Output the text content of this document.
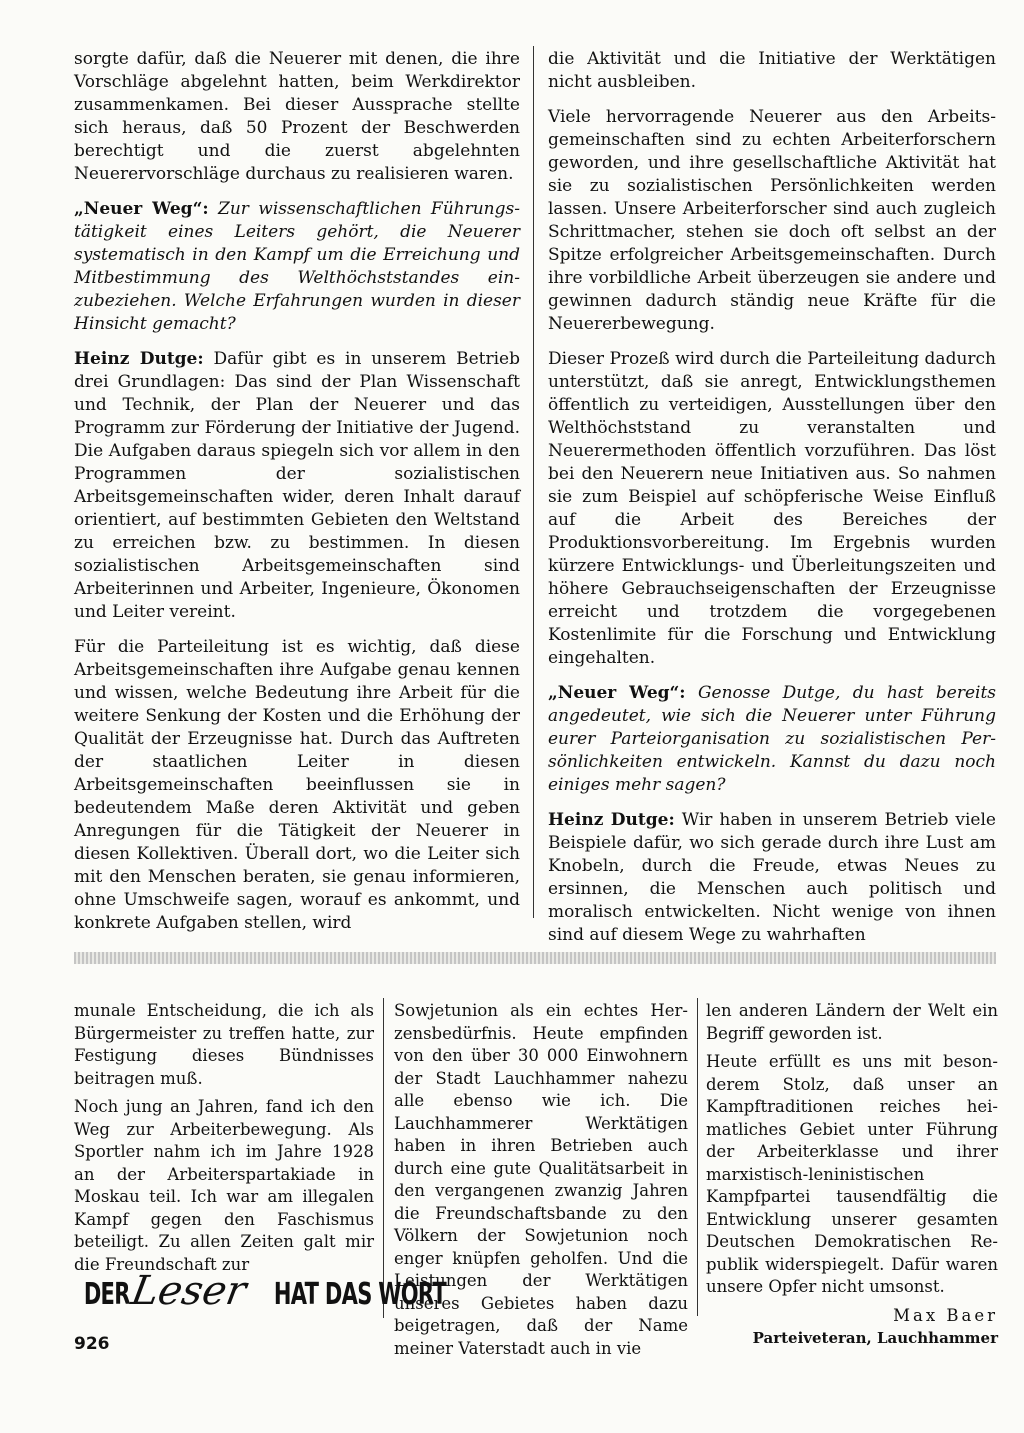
sorgte dafür, daß die Neuerer mit denen, die ihre Vorschläge abgelehnt hatten, beim Werkdirektor zusammenkamen. Bei dieser Aussprache stellte sich heraus, daß 50 Prozent der Beschwerden berechtigt und die zuerst abgelehnten Neuerervorschläge durchaus zu realisieren waren.

„Neuer Weg“: Zur wissenschaftlichen Führungstätigkeit eines Leiters gehört, die Neuerer systematisch in den Kampf um die Erreichung und Mitbestimmung des Welthöchststandes einzubeziehen. Welche Erfahrungen wurden in dieser Hinsicht gemacht?

Heinz Dutge: Dafür gibt es in unserem Betrieb drei Grundlagen: Das sind der Plan Wissenschaft und Technik, der Plan der Neuerer und das Programm zur Förderung der Initiative der Jugend. Die Aufgaben daraus spiegeln sich vor allem in den Programmen der sozialistischen Arbeitsgemeinschaften wider, deren Inhalt darauf orientiert, auf bestimmten Gebieten den Weltstand zu erreichen bzw. zu bestimmen. In diesen sozialistischen Arbeitsgemeinschaften sind Arbeiterinnen und Arbeiter, Ingenieure, Ökonomen und Leiter vereint.

Für die Parteileitung ist es wichtig, daß diese Arbeitsgemeinschaften ihre Aufgabe genau kennen und wissen, welche Bedeutung ihre Arbeit für die weitere Senkung der Kosten und die Erhöhung der Qualität der Erzeugnisse hat. Durch das Auftreten der staatlichen Leiter in diesen Arbeitsgemeinschaften beeinflussen sie in bedeutendem Maße deren Aktivität und geben Anregungen für die Tätigkeit der Neuerer in diesen Kollektiven. Überall dort, wo die Leiter sich mit den Menschen beraten, sie genau informieren, ohne Umschweife sagen, worauf es ankommt, und konkrete Aufgaben stellen, wird

die Aktivität und die Initiative der Werktätigen nicht ausbleiben.

Viele hervorragende Neuerer aus den Arbeitsgemeinschaften sind zu echten Arbeiterforschern geworden, und ihre gesellschaftliche Aktivität hat sie zu sozialistischen Persönlichkeiten werden lassen. Unsere Arbeiterforscher sind auch zugleich Schrittmacher, stehen sie doch oft selbst an der Spitze erfolgreicher Arbeitsgemeinschaften. Durch ihre vorbildliche Arbeit überzeugen sie andere und gewinnen dadurch ständig neue Kräfte für die Neuererbewegung.

Dieser Prozeß wird durch die Parteileitung dadurch unterstützt, daß sie anregt, Entwicklungsthemen öffentlich zu verteidigen, Ausstellungen über den Welthöchststand zu veranstalten und Neuerermethoden öffentlich vorzuführen. Das löst bei den Neuerern neue Initiativen aus. So nahmen sie zum Beispiel auf schöpferische Weise Einfluß auf die Arbeit des Bereiches der Produktionsvorbereitung. Im Ergebnis wurden kürzere Entwicklungs- und Überleitungszeiten und höhere Gebrauchseigenschaften der Erzeugnisse erreicht und trotzdem die vorgegebenen Kostenlimite für die Forschung und Entwicklung eingehalten.

„Neuer Weg“: Genosse Dutge, du hast bereits angedeutet, wie sich die Neuerer unter Führung eurer Parteiorganisation zu sozialistischen Persönlichkeiten entwickeln. Kannst du dazu noch einiges mehr sagen?

Heinz Dutge: Wir haben in unserem Betrieb viele Beispiele dafür, wo sich gerade durch ihre Lust am Knobeln, durch die Freude, etwas Neues zu ersinnen, die Menschen auch politisch und moralisch entwickelten. Nicht wenige von ihnen sind auf diesem Wege zu wahrhaften

munale Entscheidung, die ich als Bürgermeister zu treffen hatte, zur Festigung dieses Bündnisses beitragen muß.

Noch jung an Jahren, fand ich den Weg zur Arbeiterbewegung. Als Sportler nahm ich im Jahre 1928 an der Arbeiterspartakiade in Moskau teil. Ich war am illegalen Kampf gegen den Faschismus beteiligt. Zu allen Zeiten galt mir die Freundschaft zur

Sowjetunion als ein echtes Herzensbedürfnis. Heute empfinden von den über 30 000 Einwohnern der Stadt Lauchhammer nahezu alle ebenso wie ich. Die Lauchhammerer Werktätigen haben in ihren Betrieben auch durch eine gute Qualitätsarbeit in den vergangenen zwanzig Jahren die Freundschaftsbande zu den Völkern der Sowjetunion noch enger knüpfen geholfen. Und die Leistungen der Werktätigen unseres Gebietes haben dazu beigetragen, daß der Name meiner Vaterstadt auch in vie

len anderen Ländern der Welt ein Begriff geworden ist.

Heute erfüllt es uns mit besonderem Stolz, daß unser an Kampftraditionen reiches heimatliches Gebiet unter Führung der Arbeiterklasse und ihrer marxistisch-leninistischen Kampfpartei tausendfältig die Entwicklung unserer gesamten Deutschen Demokratischen Republik widerspiegelt. Dafür waren unsere Opfer nicht umsonst.

Max Baer
Parteiveteran, Lauchhammer
DER
Leser HAT DAS WORT
926
